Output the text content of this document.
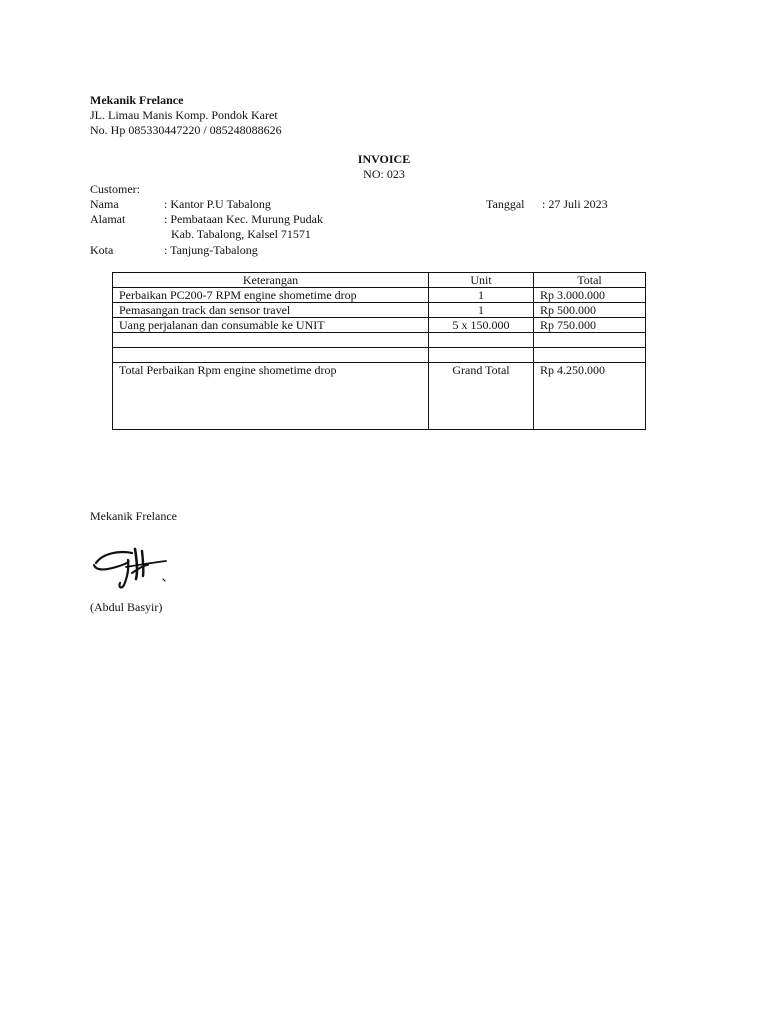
Mekanik Frelance
JL. Limau Manis Komp. Pondok Karet
No. Hp 085330447220 / 085248088626
INVOICE
NO: 023
Customer:
Nama	: Kantor P.U Tabalong
Alamat	: Pembataan Kec. Murung Pudak
Kab. Tabalong, Kalsel 71571
Kota	: Tanjung-Tabalong
Tanggal : 27 Juli 2023
Keterangan	Unit	Total
Perbaikan PC200-7 RPM engine shometime drop	1	Rp 3.000.000
Pemasangan track dan sensor travel	1	Rp 500.000
Uang perjalanan dan consumable ke UNIT	5 x 150.000	Rp 750.000

Total Perbaikan Rpm engine shometime drop	Grand Total	Rp 4.250.000
Mekanik Frelance
(Abdul Basyir)
